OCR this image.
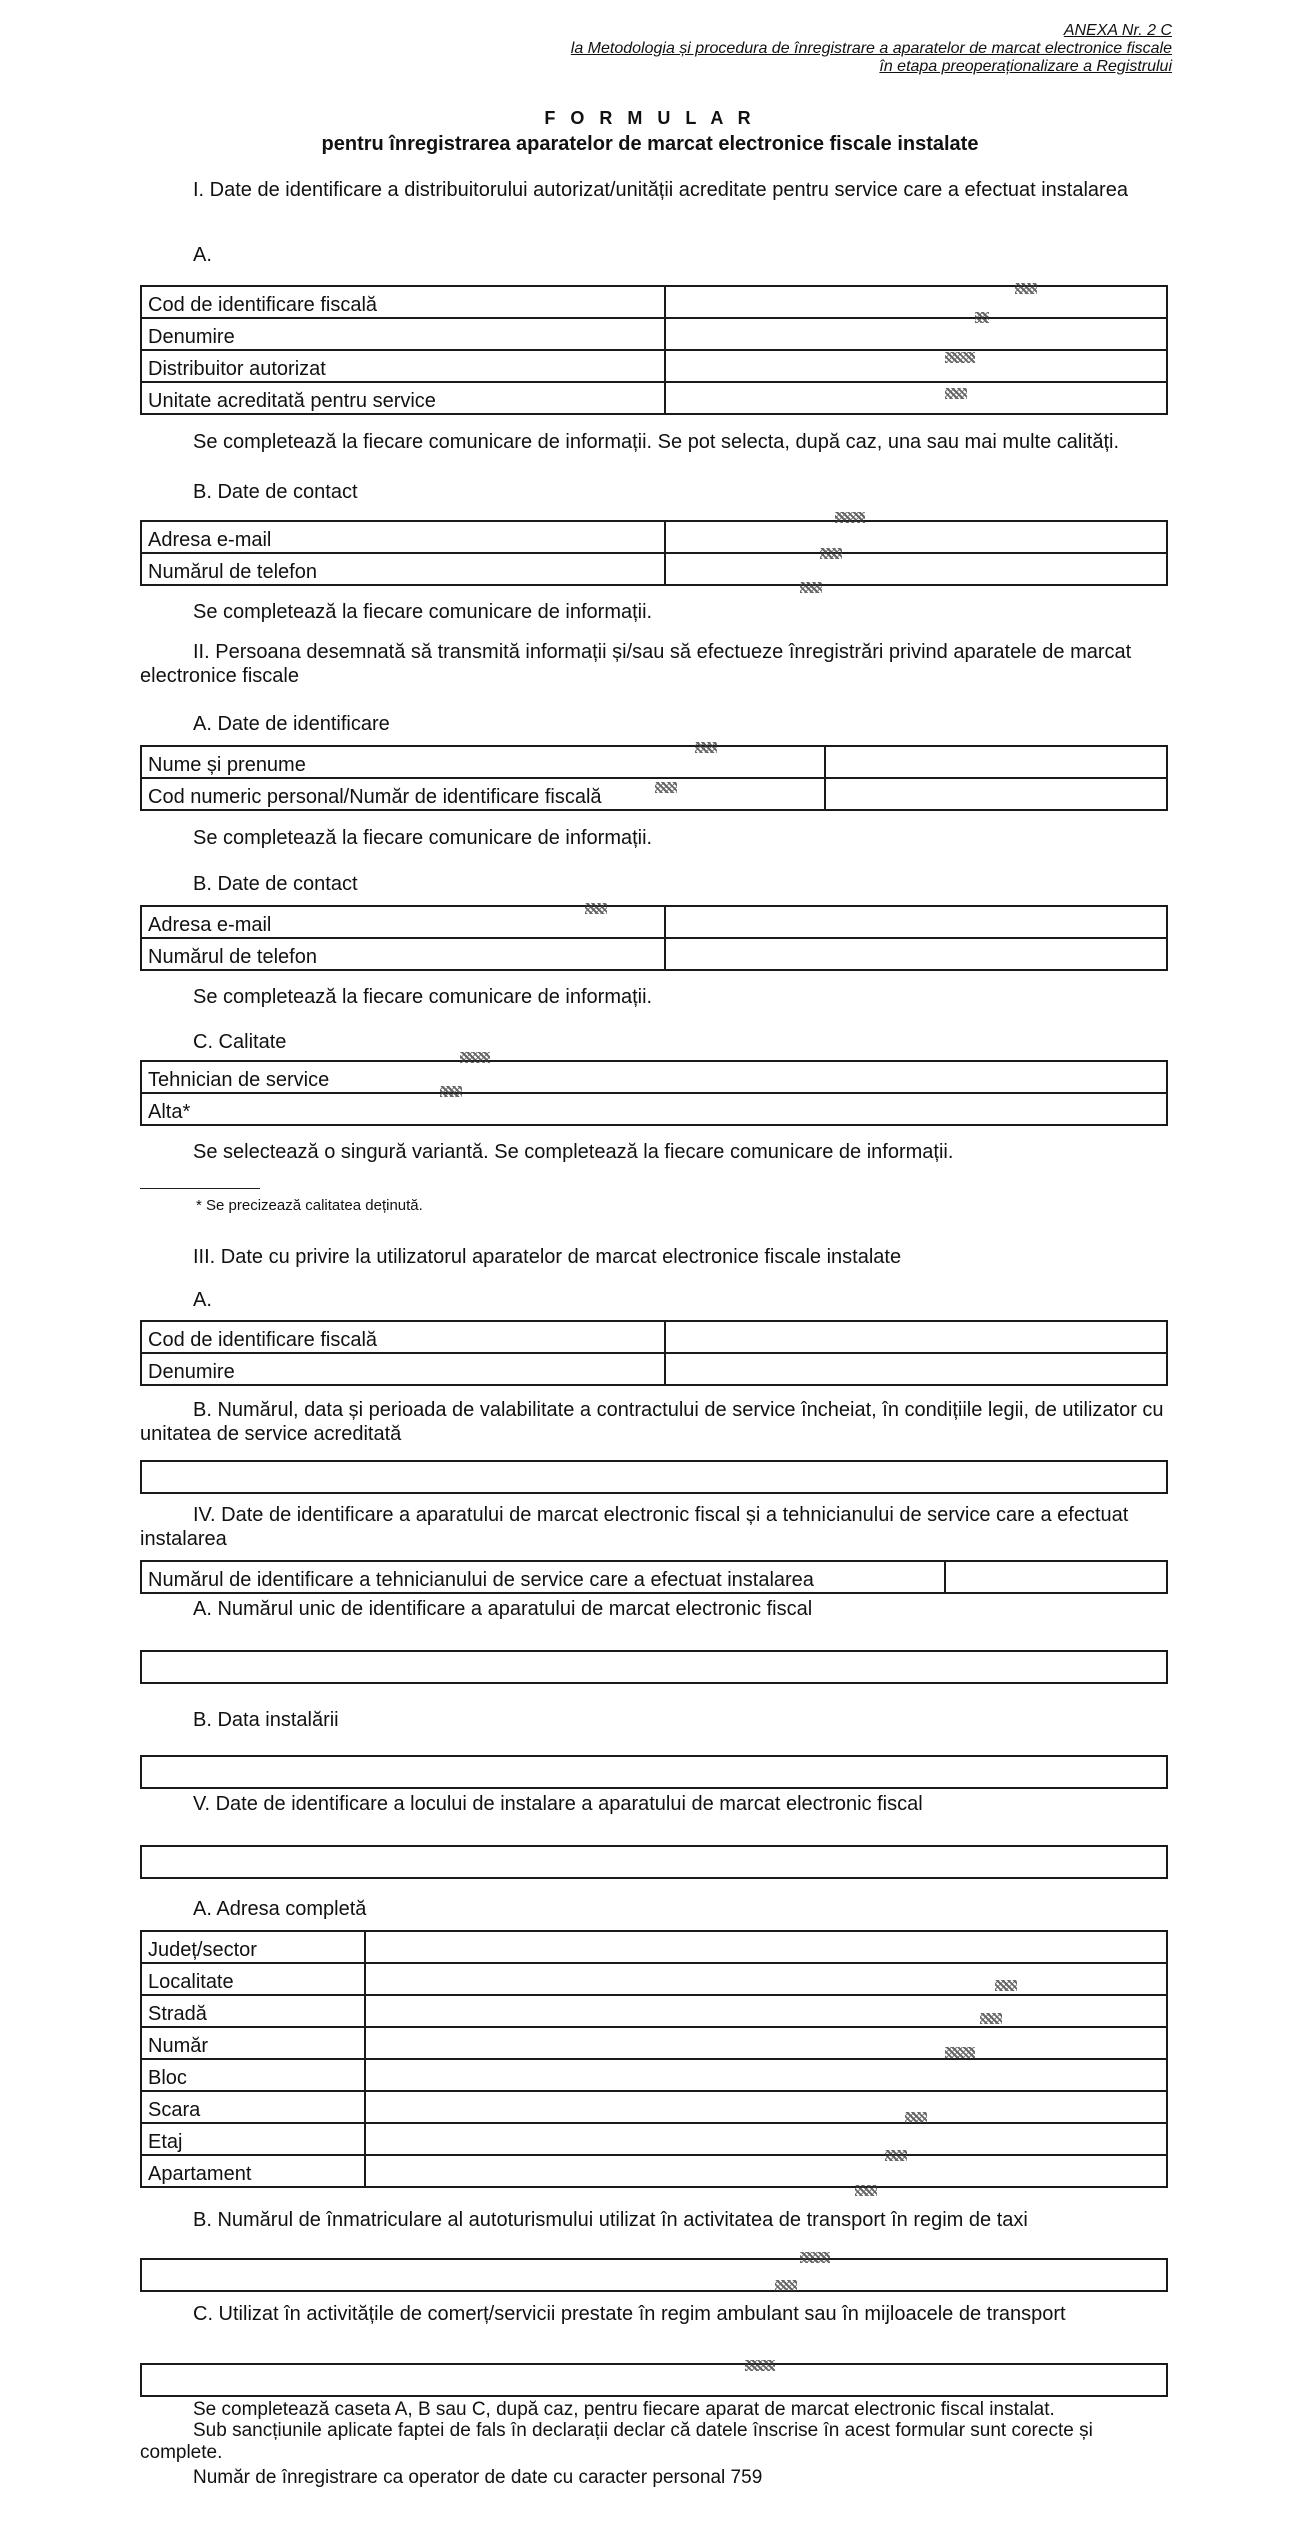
ANEXA Nr. 2 C
la Metodologia și procedura de înregistrare a aparatelor de marcat electronice fiscale
în etapa preoperaționalizare a Registrului
F O R M U L A R
pentru înregistrarea aparatelor de marcat electronice fiscale instalate
I. Date de identificare a distribuitorului autorizat/unității acreditate pentru service care a efectuat instalarea
A.
Cod de identificare fiscală	
Denumire	
Distribuitor autorizat	
Unitate acreditată pentru service	
Se completează la fiecare comunicare de informații. Se pot selecta, după caz, una sau mai multe calități.
B. Date de contact
Adresa e-mail	
Numărul de telefon	
Se completează la fiecare comunicare de informații.
II. Persoana desemnată să transmită informații și/sau să efectueze înregistrări privind aparatele de marcat electronice fiscale
A. Date de identificare
Nume și prenume	
Cod numeric personal/Număr de identificare fiscală	
Se completează la fiecare comunicare de informații.
B. Date de contact
Adresa e-mail	
Numărul de telefon	
Se completează la fiecare comunicare de informații.
C. Calitate
Tehnician de service
Alta*
Se selectează o singură variantă. Se completează la fiecare comunicare de informații.
* Se precizează calitatea deținută.
III. Date cu privire la utilizatorul aparatelor de marcat electronice fiscale instalate
A.
Cod de identificare fiscală	
Denumire	
B. Numărul, data și perioada de valabilitate a contractului de service încheiat, în condițiile legii, de utilizator cu unitatea de service acreditată
IV. Date de identificare a aparatului de marcat electronic fiscal și a tehnicianului de service care a efectuat instalarea
Numărul de identificare a tehnicianului de service care a efectuat instalarea	
A. Numărul unic de identificare a aparatului de marcat electronic fiscal
B. Data instalării
V. Date de identificare a locului de instalare a aparatului de marcat electronic fiscal
A. Adresa completă
Județ/sector	
Localitate	
Stradă	
Număr	
Bloc	
Scara	
Etaj	
Apartament	
B. Numărul de înmatriculare al autoturismului utilizat în activitatea de transport în regim de taxi
C. Utilizat în activitățile de comerț/servicii prestate în regim ambulant sau în mijloacele de transport
Se completează caseta A, B sau C, după caz, pentru fiecare aparat de marcat electronic fiscal instalat.
Sub sancțiunile aplicate faptei de fals în declarații declar că datele înscrise în acest formular sunt corecte și complete.
Număr de înregistrare ca operator de date cu caracter personal 759
